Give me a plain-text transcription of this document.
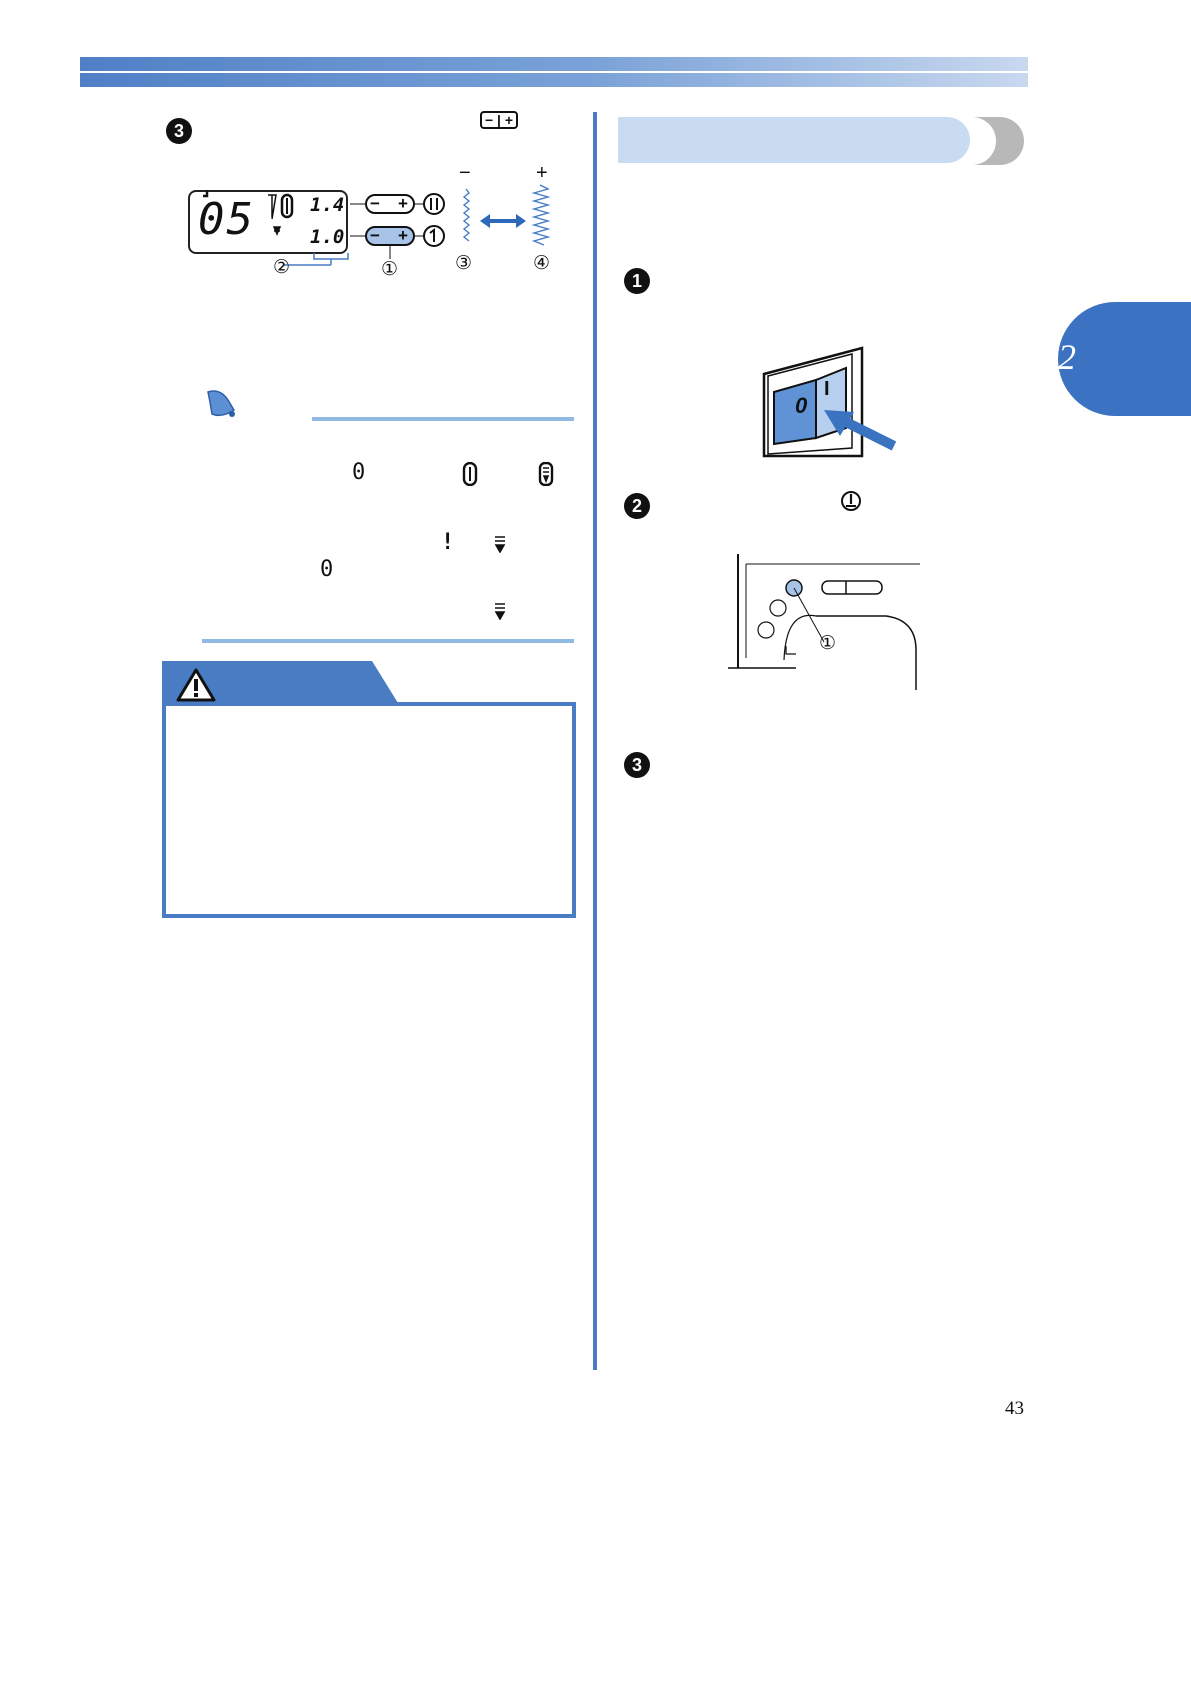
3
− | +
05	1.4
1.0
− +
− +
−	+
②	①	③	④
0
!
0
1
0
I
2
①
3
2
43
